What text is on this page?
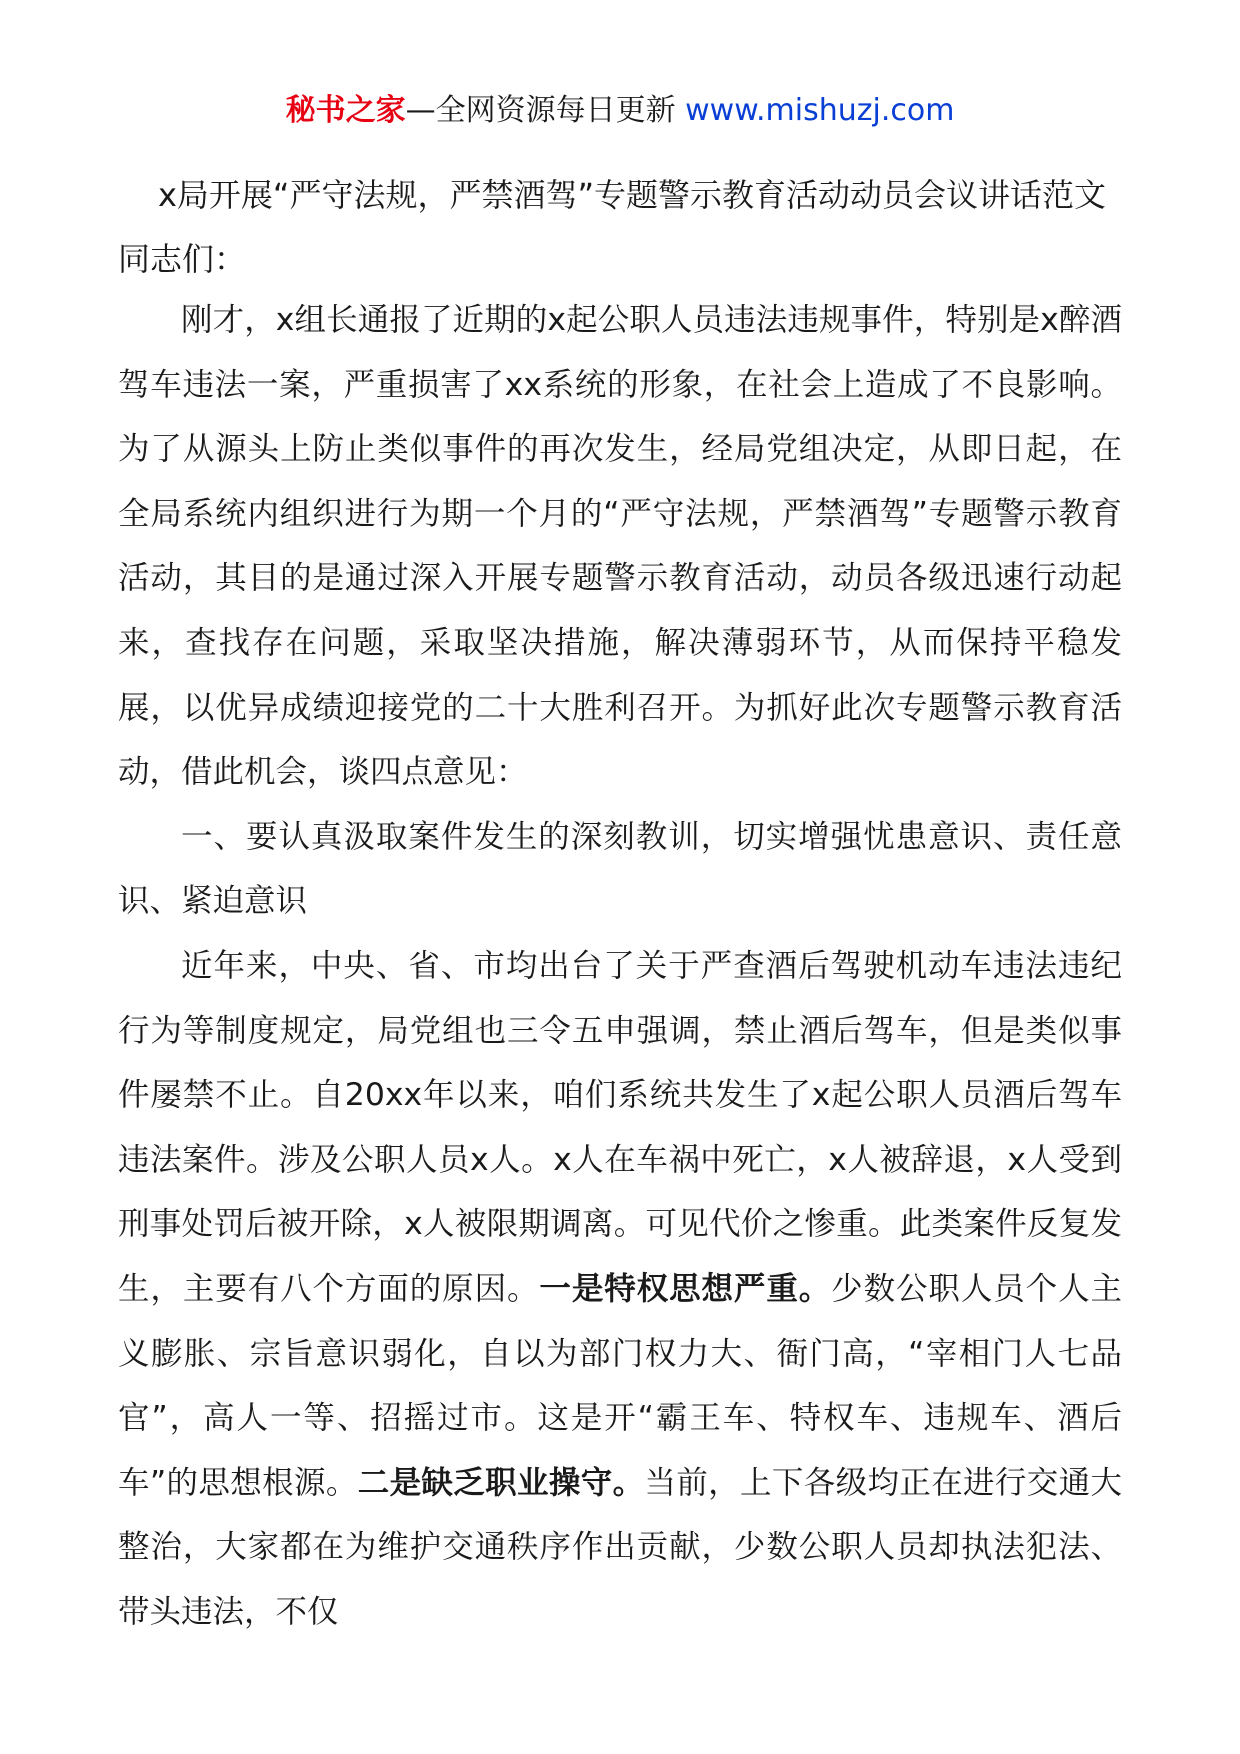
秘书之家—全网资源每日更新 www.mishuzj.com
x局开展“严守法规，严禁酒驾”专题警示教育活动动员会议讲话范文
同志们：

刚才，x组长通报了近期的x起公职人员违法违规事件，特别是x醉酒驾车违法一案，严重损害了xx系统的形象，在社会上造成了不良影响。为了从源头上防止类似事件的再次发生，经局党组决定，从即日起，在全局系统内组织进行为期一个月的“严守法规，严禁酒驾”专题警示教育活动，其目的是通过深入开展专题警示教育活动，动员各级迅速行动起来，查找存在问题，采取坚决措施，解决薄弱环节，从而保持平稳发展，以优异成绩迎接党的二十大胜利召开。为抓好此次专题警示教育活动，借此机会，谈四点意见：

一、要认真汲取案件发生的深刻教训，切实增强忧患意识、责任意识、紧迫意识

近年来，中央、省、市均出台了关于严查酒后驾驶机动车违法违纪行为等制度规定，局党组也三令五申强调，禁止酒后驾车，但是类似事件屡禁不止。自20xx年以来，咱们系统共发生了x起公职人员酒后驾车违法案件。涉及公职人员x人。x人在车祸中死亡，x人被辞退，x人受到刑事处罚后被开除，x人被限期调离。可见代价之惨重。此类案件反复发生，主要有八个方面的原因。一是特权思想严重。少数公职人员个人主义膨胀、宗旨意识弱化，自以为部门权力大、衙门高，“宰相门人七品官”，高人一等、招摇过市。这是开“霸王车、特权车、违规车、酒后车”的思想根源。二是缺乏职业操守。当前，上下各级均正在进行交通大整治，大家都在为维护交通秩序作出贡献，少数公职人员却执法犯法、带头违法，不仅
